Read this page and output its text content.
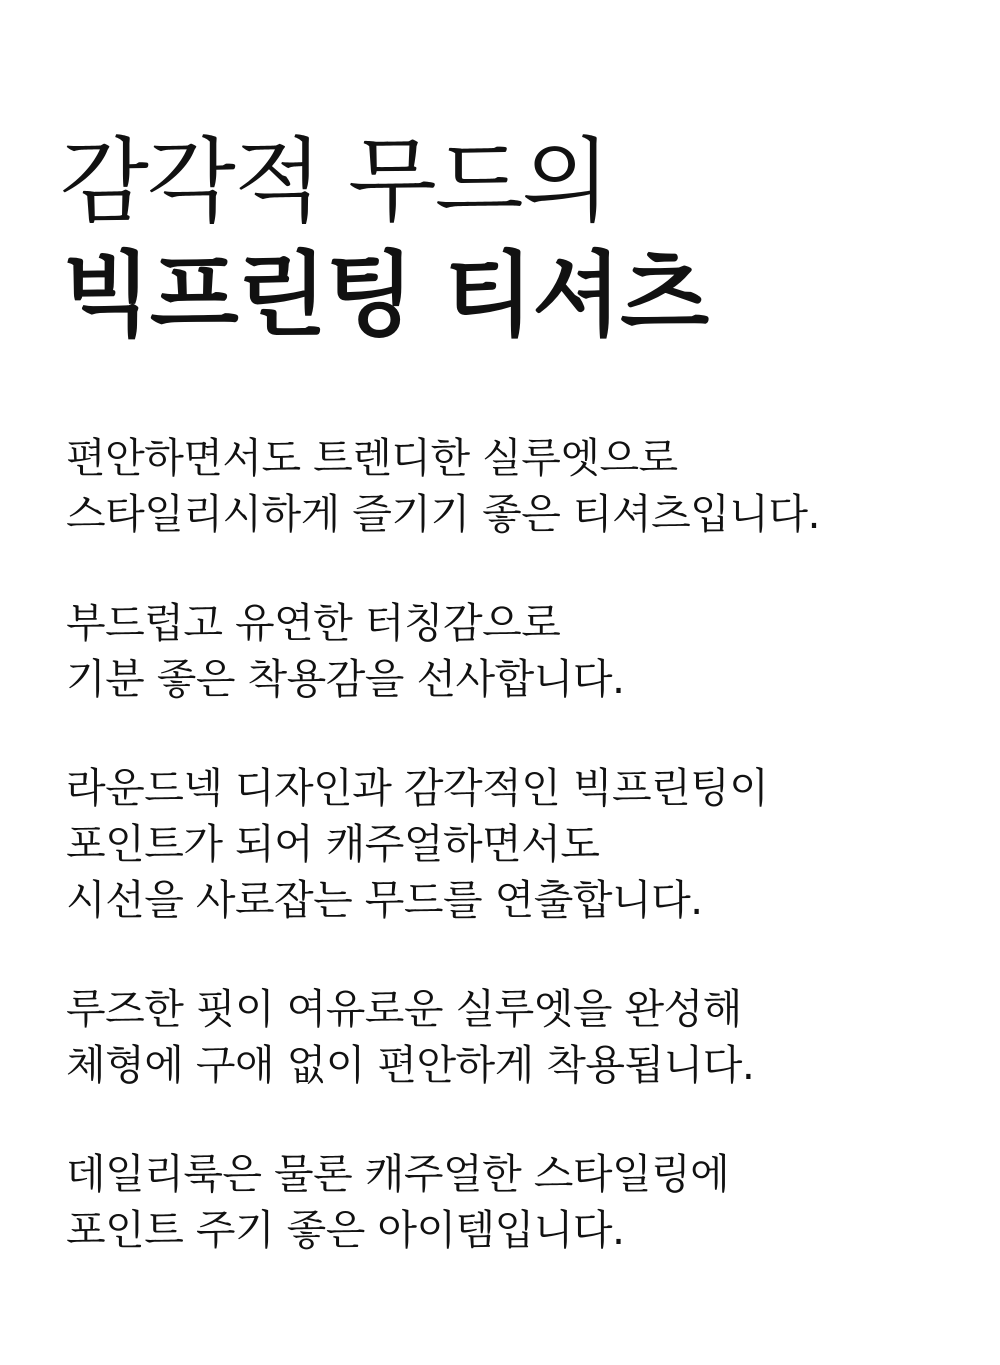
감각적 무드의
빅프린팅 티셔츠

편안하면서도 트렌디한 실루엣으로
스타일리시하게 즐기기 좋은 티셔츠입니다.

부드럽고 유연한 터칭감으로
기분 좋은 착용감을 선사합니다.

라운드넥 디자인과 감각적인 빅프린팅이
포인트가 되어 캐주얼하면서도
시선을 사로잡는 무드를 연출합니다.

루즈한 핏이 여유로운 실루엣을 완성해
체형에 구애 없이 편안하게 착용됩니다.

데일리룩은 물론 캐주얼한 스타일링에
포인트 주기 좋은 아이템입니다.
